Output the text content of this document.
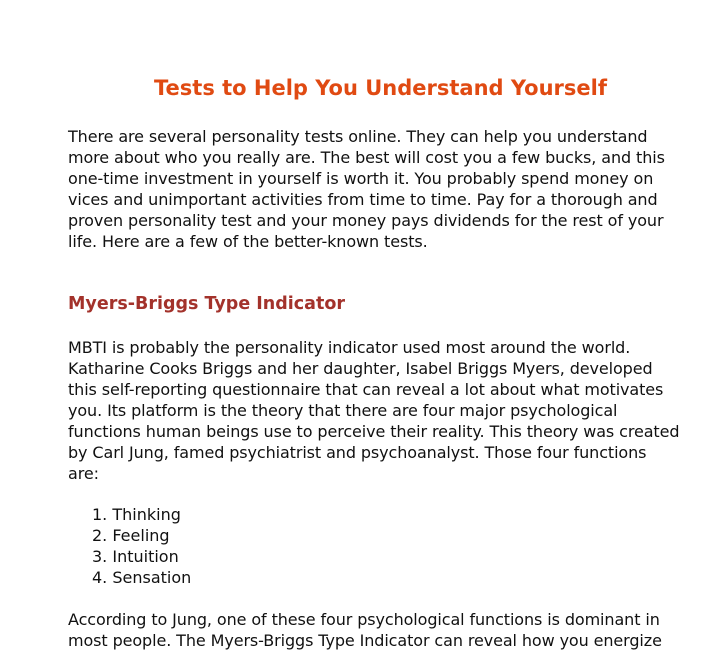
Tests to Help You Understand Yourself
There are several personality tests online. They can help you understand
more about who you really are. The best will cost you a few bucks, and this
one-time investment in yourself is worth it. You probably spend money on
vices and unimportant activities from time to time. Pay for a thorough and
proven personality test and your money pays dividends for the rest of your
life. Here are a few of the better-known tests.
Myers-Briggs Type Indicator
MBTI is probably the personality indicator used most around the world.
Katharine Cooks Briggs and her daughter, Isabel Briggs Myers, developed
this self-reporting questionnaire that can reveal a lot about what motivates
you. Its platform is the theory that there are four major psychological
functions human beings use to perceive their reality. This theory was created
by Carl Jung, famed psychiatrist and psychoanalyst. Those four functions
are:
1. Thinking
2. Feeling
3. Intuition
4. Sensation
According to Jung, one of these four psychological functions is dominant in
most people. The Myers-Briggs Type Indicator can reveal how you energize
